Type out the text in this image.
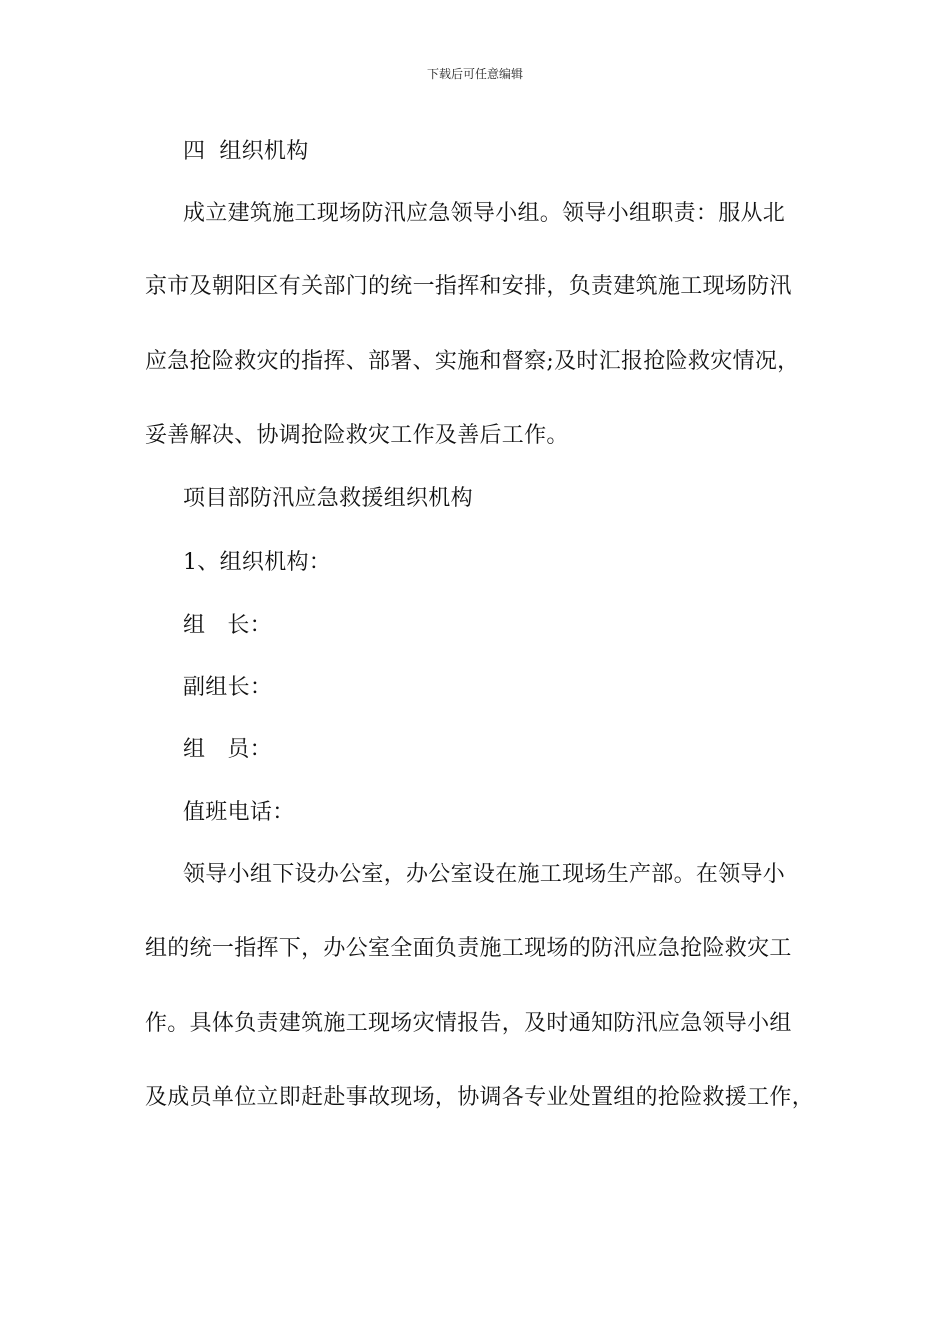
下载后可任意编辑
四 组织机构
成立建筑施工现场防汛应急领导小组。领导小组职责：服从北
京市及朝阳区有关部门的统一指挥和安排，负责建筑施工现场防汛
应急抢险救灾的指挥、部署、实施和督察;及时汇报抢险救灾情况，
妥善解决、协调抢险救灾工作及善后工作。
项目部防汛应急救援组织机构
1、组织机构：
组 长：
副组长：
组 员：
值班电话：
领导小组下设办公室，办公室设在施工现场生产部。在领导小
组的统一指挥下，办公室全面负责施工现场的防汛应急抢险救灾工
作。具体负责建筑施工现场灾情报告，及时通知防汛应急领导小组
及成员单位立即赶赴事故现场，协调各专业处置组的抢险救援工作，
